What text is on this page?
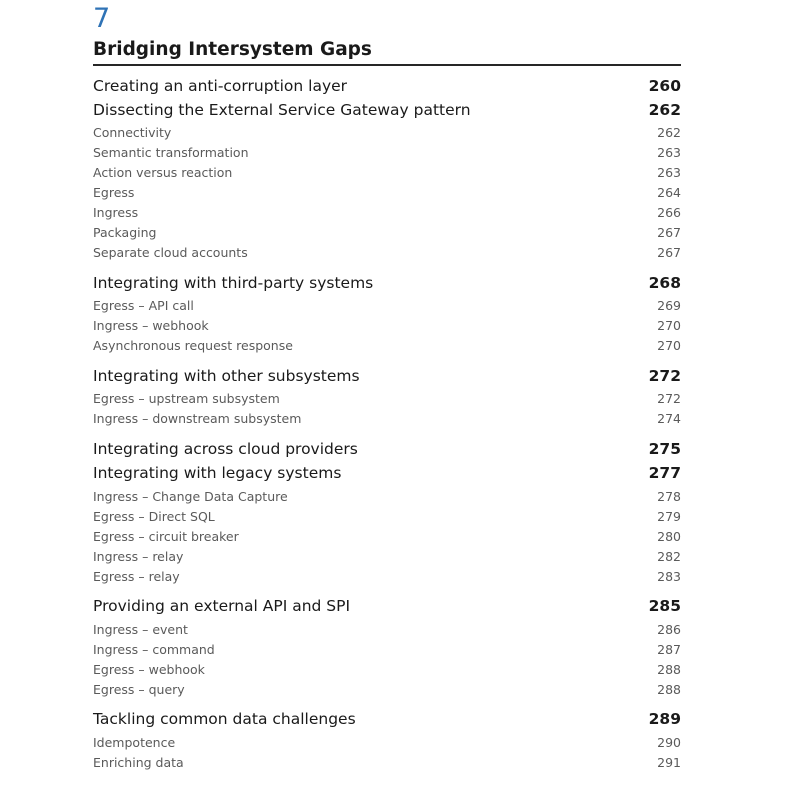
7
Bridging Intersystem Gaps
Creating an anti-corruption layer	260
Dissecting the External Service Gateway pattern	262
Connectivity	262
Semantic transformation	263
Action versus reaction	263
Egress	264
Ingress	266
Packaging	267
Separate cloud accounts	267
Integrating with third-party systems	268
Egress – API call	269
Ingress – webhook	270
Asynchronous request response	270
Integrating with other subsystems	272
Egress – upstream subsystem	272
Ingress – downstream subsystem	274
Integrating across cloud providers	275
Integrating with legacy systems	277
Ingress – Change Data Capture	278
Egress – Direct SQL	279
Egress – circuit breaker	280
Ingress – relay	282
Egress – relay	283
Providing an external API and SPI	285
Ingress – event	286
Ingress – command	287
Egress – webhook	288
Egress – query	288
Tackling common data challenges	289
Idempotence	290
Enriching data	291
